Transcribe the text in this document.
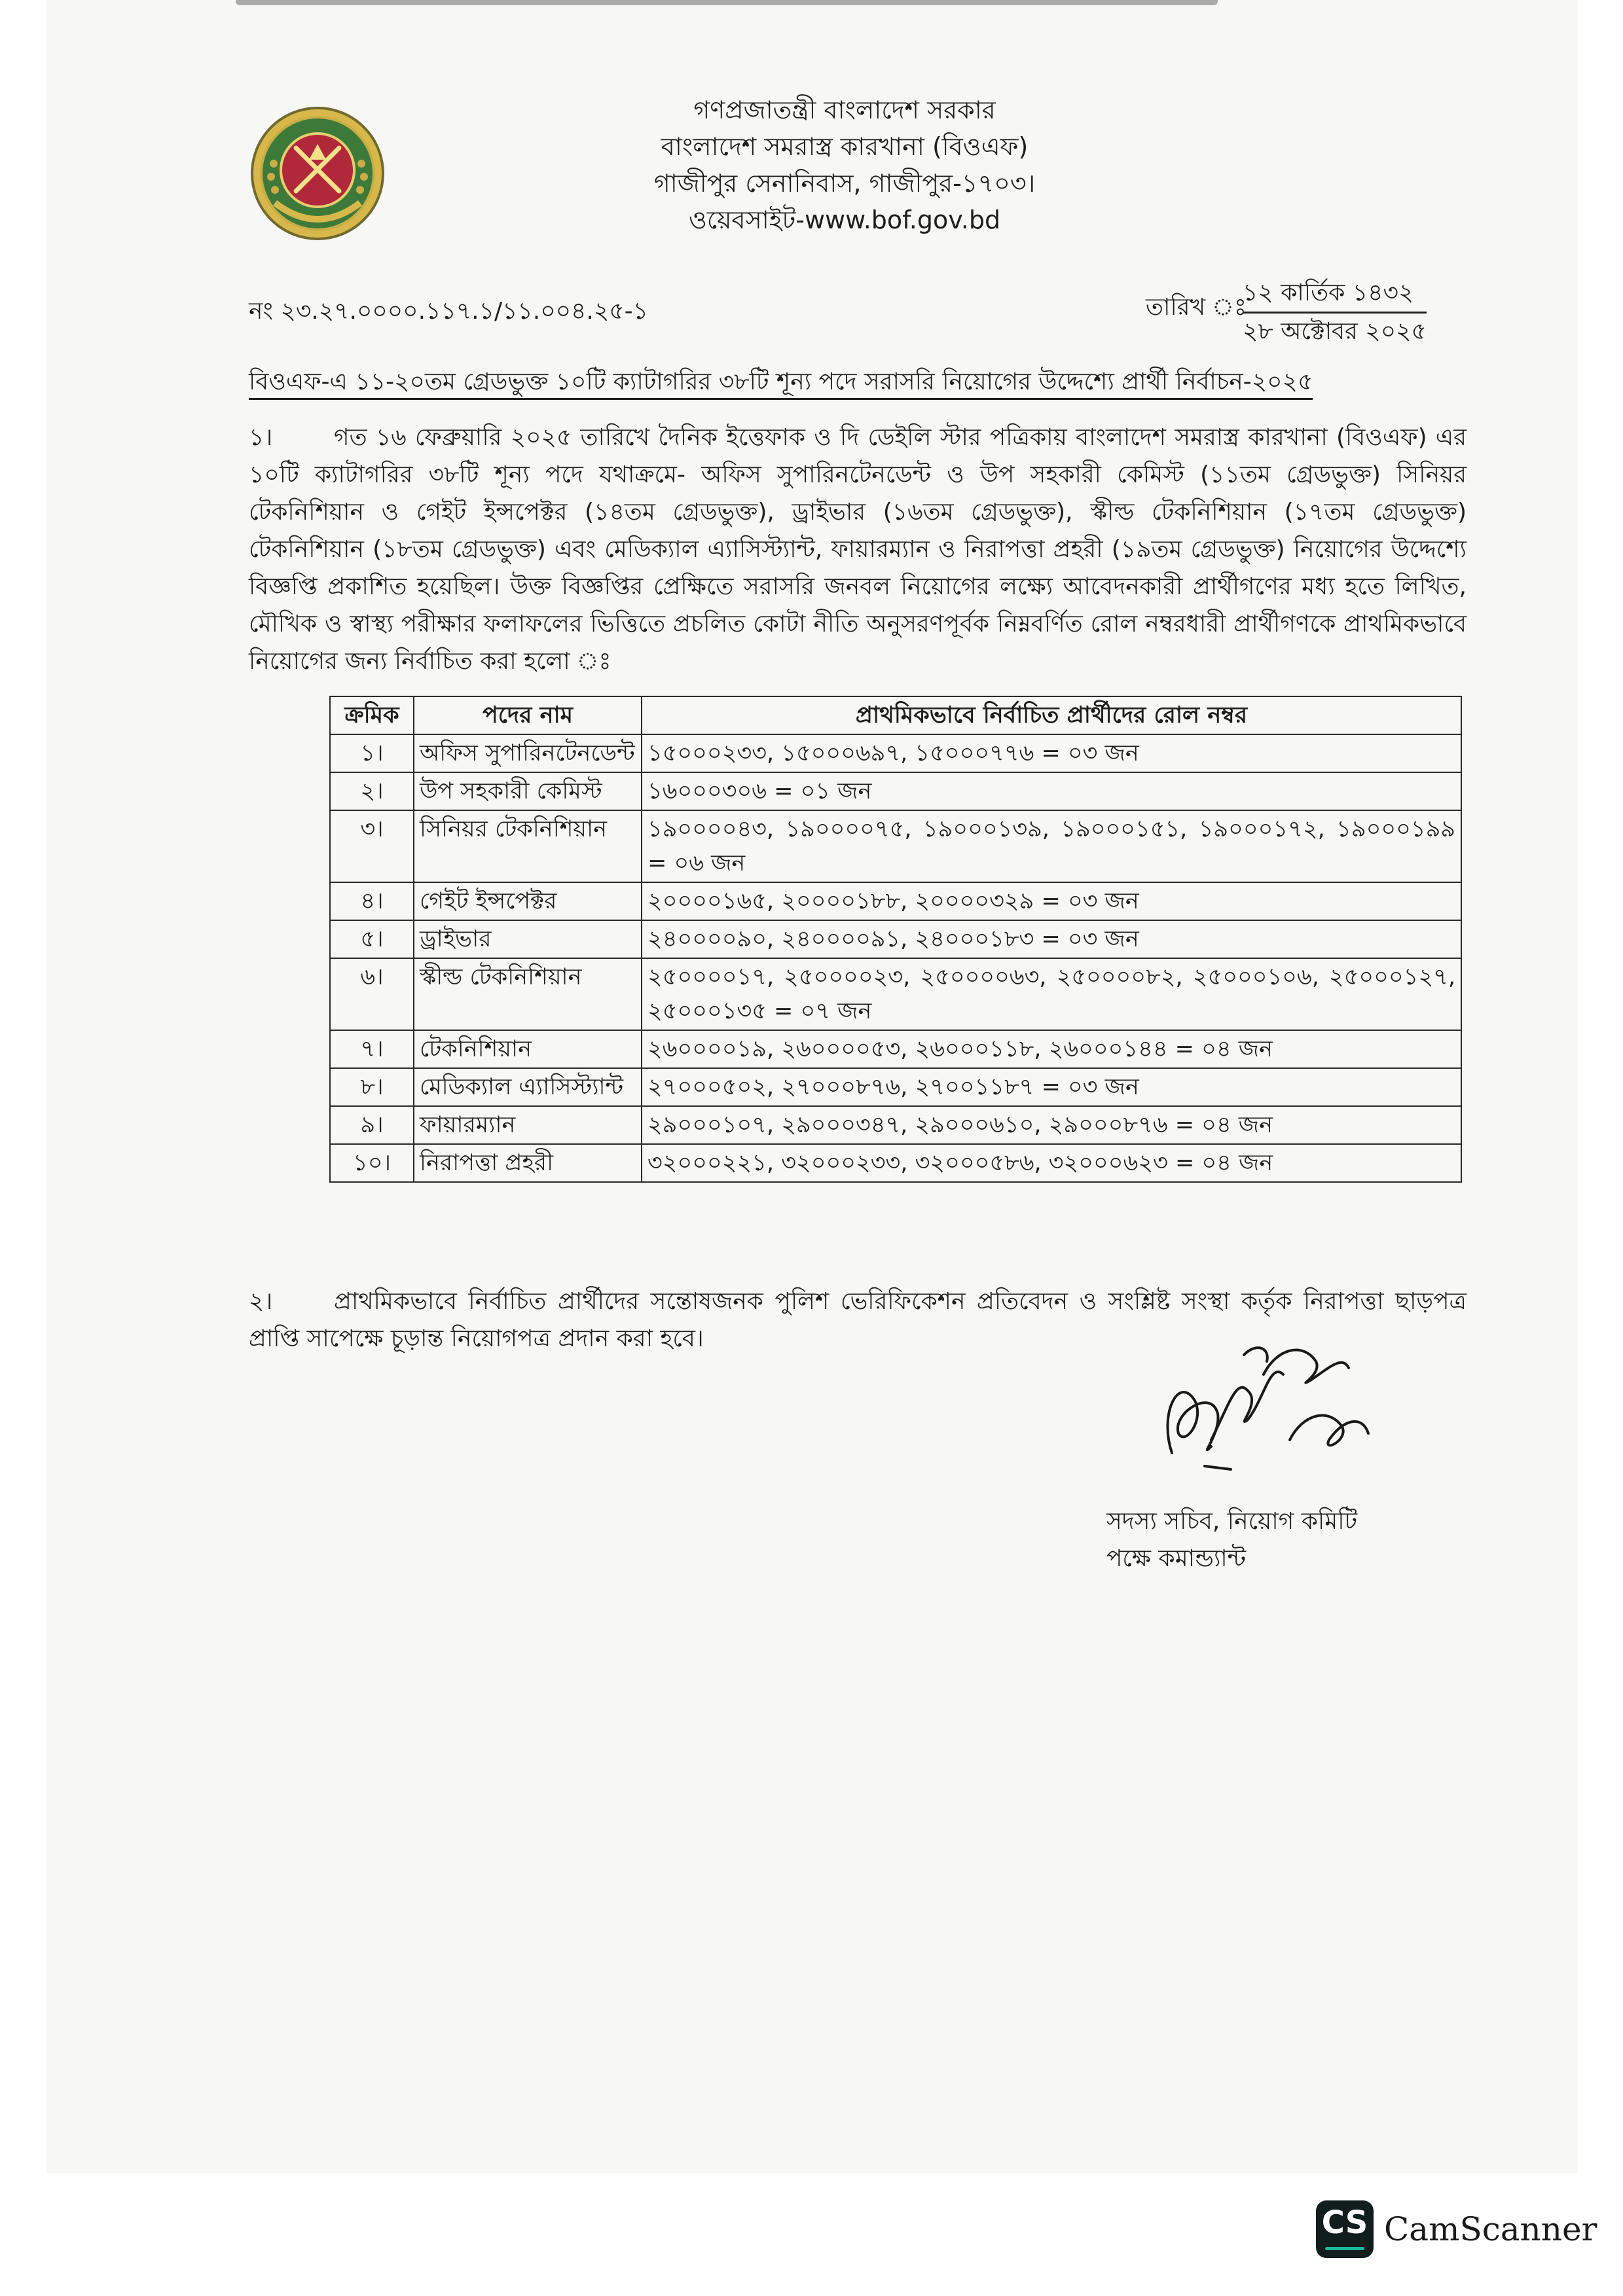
গণপ্রজাতন্ত্রী বাংলাদেশ সরকার
বাংলাদেশ সমরাস্ত্র কারখানা (বিওএফ)
গাজীপুর সেনানিবাস, গাজীপুর-১৭০৩।
ওয়েবসাইট-www.bof.gov.bd
নং ২৩.২৭.০০০০.১১৭.১/১১.০০৪.২৫-১	তারিখ ঃ
১২ কার্তিক ১৪৩২
২৮ অক্টোবর ২০২৫
বিওএফ-এ ১১-২০তম গ্রেডভুক্ত ১০টি ক্যাটাগরির ৩৮টি শূন্য পদে সরাসরি নিয়োগের উদ্দেশ্যে প্রার্থী নির্বাচন-২০২৫
১।	গত ১৬ ফেব্রুয়ারি ২০২৫ তারিখে দৈনিক ইত্তেফাক ও দি ডেইলি স্টার পত্রিকায় বাংলাদেশ সমরাস্ত্র কারখানা (বিওএফ) এর ১০টি ক্যাটাগরির ৩৮টি শূন্য পদে যথাক্রমে- অফিস সুপারিনটেনডেন্ট ও উপ সহকারী কেমিস্ট (১১তম গ্রেডভুক্ত) সিনিয়র টেকনিশিয়ান ও গেইট ইন্সপেক্টর (১৪তম গ্রেডভুক্ত), ড্রাইভার (১৬তম গ্রেডভুক্ত), স্কীল্ড টেকনিশিয়ান (১৭তম গ্রেডভুক্ত) টেকনিশিয়ান (১৮তম গ্রেডভুক্ত) এবং মেডিক্যাল এ্যাসিস্ট্যান্ট, ফায়ারম্যান ও নিরাপত্তা প্রহরী (১৯তম গ্রেডভুক্ত) নিয়োগের উদ্দেশ্যে বিজ্ঞপ্তি প্রকাশিত হয়েছিল। উক্ত বিজ্ঞপ্তির প্রেক্ষিতে সরাসরি জনবল নিয়োগের লক্ষ্যে আবেদনকারী প্রার্থীগণের মধ্য হতে লিখিত, মৌখিক ও স্বাস্থ্য পরীক্ষার ফলাফলের ভিত্তিতে প্রচলিত কোটা নীতি অনুসরণপূর্বক নিম্নবর্ণিত রোল নম্বরধারী প্রার্থীগণকে প্রাথমিকভাবে নিয়োগের জন্য নির্বাচিত করা হলো ঃ
ক্রমিক	পদের নাম	প্রাথমিকভাবে নির্বাচিত প্রার্থীদের রোল নম্বর
১।	অফিস সুপারিনটেনডেন্ট	১৫০০০২৩৩, ১৫০০০৬৯৭, ১৫০০০৭৭৬ = ০৩ জন
২।	উপ সহকারী কেমিস্ট	১৬০০০৩০৬ = ০১ জন
৩।	সিনিয়র টেকনিশিয়ান	১৯০০০০৪৩, ১৯০০০০৭৫, ১৯০০০১৩৯, ১৯০০০১৫১, ১৯০০০১৭২, ১৯০০০১৯৯ = ০৬ জন
৪।	গেইট ইন্সপেক্টর	২০০০০১৬৫, ২০০০০১৮৮, ২০০০০৩২৯ = ০৩ জন
৫।	ড্রাইভার	২৪০০০০৯০, ২৪০০০০৯১, ২৪০০০১৮৩ = ০৩ জন
৬।	স্কীল্ড টেকনিশিয়ান	২৫০০০০১৭, ২৫০০০০২৩, ২৫০০০০৬৩, ২৫০০০০৮২, ২৫০০০১০৬, ২৫০০০১২৭, ২৫০০০১৩৫ = ০৭ জন
৭।	টেকনিশিয়ান	২৬০০০০১৯, ২৬০০০০৫৩, ২৬০০০১১৮, ২৬০০০১৪৪ = ০৪ জন
৮।	মেডিক্যাল এ্যাসিস্ট্যান্ট	২৭০০০৫০২, ২৭০০০৮৭৬, ২৭০০১১৮৭ = ০৩ জন
৯।	ফায়ারম্যান	২৯০০০১০৭, ২৯০০০৩৪৭, ২৯০০০৬১০, ২৯০০০৮৭৬ = ০৪ জন
১০।	নিরাপত্তা প্রহরী	৩২০০০২২১, ৩২০০০২৩৩, ৩২০০০৫৮৬, ৩২০০০৬২৩ = ০৪ জন
২।	প্রাথমিকভাবে নির্বাচিত প্রার্থীদের সন্তোষজনক পুলিশ ভেরিফিকেশন প্রতিবেদন ও সংশ্লিষ্ট সংস্থা কর্তৃক নিরাপত্তা ছাড়পত্র প্রাপ্তি সাপেক্ষে চূড়ান্ত নিয়োগপত্র প্রদান করা হবে।
সদস্য সচিব, নিয়োগ কমিটি
পক্ষে কমান্ড্যান্ট
CS CamScanner
